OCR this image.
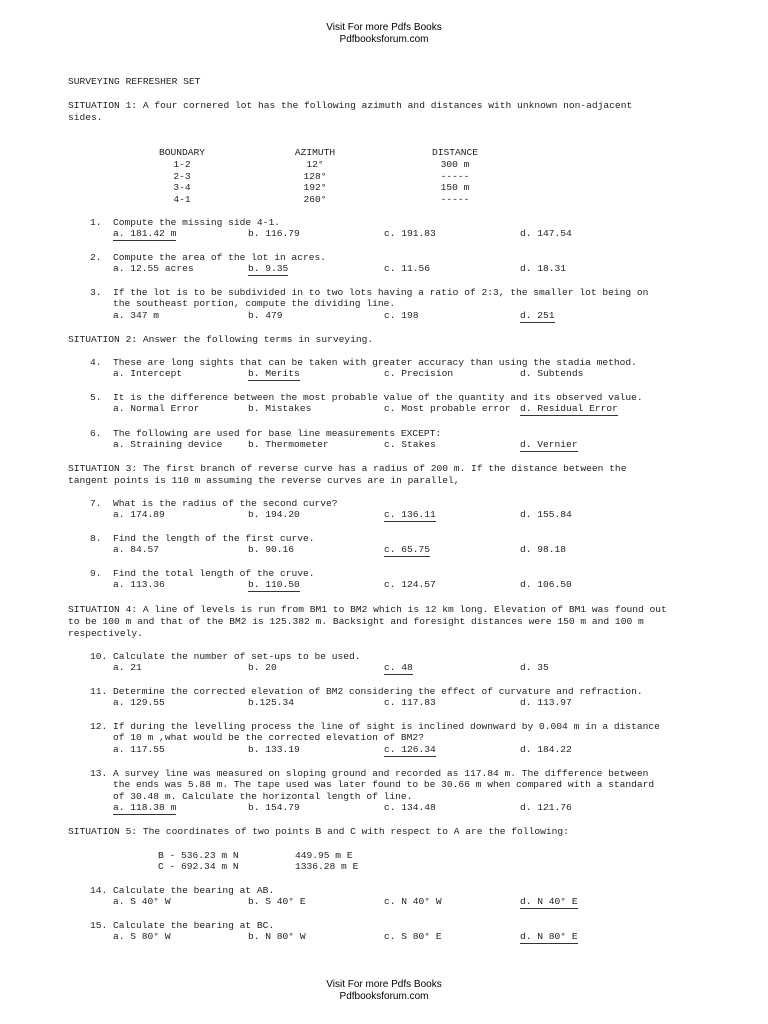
Visit For more Pdfs Books
Pdfbooksforum.com
SURVEYING REFRESHER SET
SITUATION 1: A four cornered lot has the following azimuth and distances with unknown non-adjacent
sides.
BOUNDARY	AZIMUTH	DISTANCE
1-2	12°	300 m
2-3	128°	-----
3-4	192°	150 m
4-1	260°	-----
1. Compute the missing side 4-1.
a. 181.42 m	b. 116.79	c. 191.83	d. 147.54
2. Compute the area of the lot in acres.
a. 12.55 acres	b. 9.35	c. 11.56	d. 18.31
3. If the lot is to be subdivided in to two lots having a ratio of 2:3, the smaller lot being on
the southeast portion, compute the dividing line.
a. 347 m	b. 479	c. 198	d. 251
SITUATION 2: Answer the following terms in surveying.
4. These are long sights that can be taken with greater accuracy than using the stadia method.
a. Intercept	b. Merits	c. Precision	d. Subtends
5. It is the difference between the most probable value of the quantity and its observed value.
a. Normal Error	b. Mistakes	c. Most probable error d. Residual Error
6. The following are used for base line measurements EXCEPT:
a. Straining device	b. Thermometer	c. Stakes	d. Vernier
SITUATION 3: The first branch of reverse curve has a radius of 200 m. If the distance between the
tangent points is 110 m assuming the reverse curves are in parallel,
7. What is the radius of the second curve?
a. 174.89	b. 194.20	c. 136.11	d. 155.84
8. Find the length of the first curve.
a. 84.57	b. 90.16	c. 65.75	d. 98.18
9. Find the total length of the cruve.
a. 113.36	b. 110.50	c. 124.57	d. 106.50
SITUATION 4: A line of levels is run from BM1 to BM2 which is 12 km long. Elevation of BM1 was found out
to be 100 m and that of the BM2 is 125.382 m. Backsight and foresight distances were 150 m and 100 m
respectively.
10. Calculate the number of set-ups to be used.
a. 21	b. 20	c. 48	d. 35
11. Determine the corrected elevation of BM2 considering the effect of curvature and refraction.
a. 129.55	b.125.34	c. 117.83	d. 113.97
12. If during the levelling process the line of sight is inclined downward by 0.004 m in a distance
of 10 m ,what would be the corrected elevation of BM2?
a. 117.55	b. 133.19	c. 126.34	d. 184.22
13. A survey line was measured on sloping ground and recorded as 117.84 m. The difference between
the ends was 5.88 m. The tape used was later found to be 30.66 m when compared with a standard
of 30.48 m. Calculate the horizontal length of line.
a. 118.38 m	b. 154.79	c. 134.48	d. 121.76
SITUATION 5: The coordinates of two points B and C with respect to A are the following:
B - 536.23 m N	449.95 m E
C - 692.34 m N	1336.28 m E
14. Calculate the bearing at AB.
a. S 40° W	b. S 40° E	c. N 40° W	d. N 40° E
15. Calculate the bearing at BC.
a. S 80° W	b. N 80° W	c. S 80° E	d. N 80° E
Visit For more Pdfs Books
Pdfbooksforum.com
